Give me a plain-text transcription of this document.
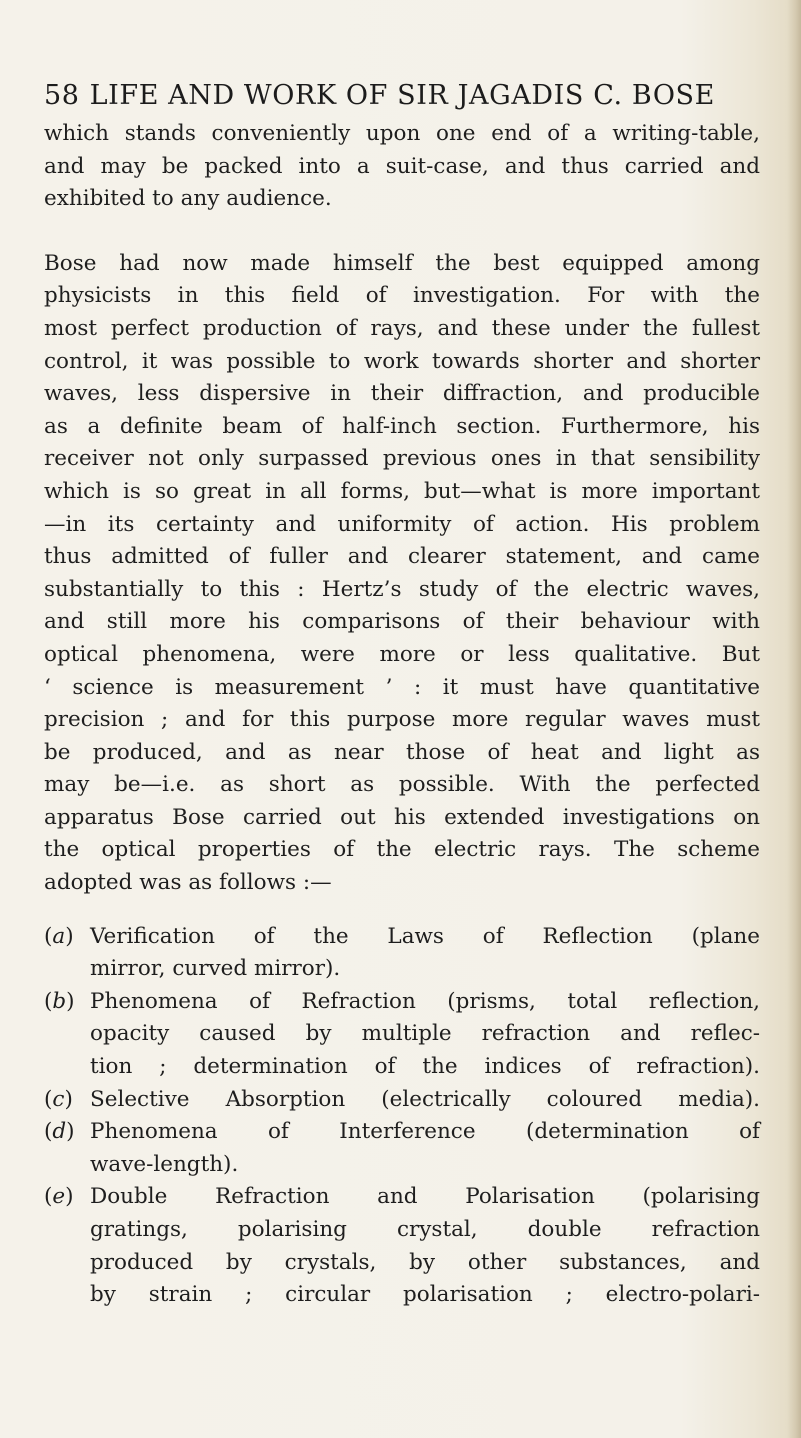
58 LIFE AND WORK OF SIR JAGADIS C. BOSE
which stands conveniently upon one end of a writing-table,
and may be packed into a suit-case, and thus carried and
exhibited to any audience.
Bose had now made himself the best equipped among
physicists in this field of investigation. For with the
most perfect production of rays, and these under the fullest
control, it was possible to work towards shorter and shorter
waves, less dispersive in their diffraction, and producible
as a definite beam of half-inch section. Furthermore, his
receiver not only surpassed previous ones in that sensibility
which is so great in all forms, but—what is more important
—in its certainty and uniformity of action. His problem
thus admitted of fuller and clearer statement, and came
substantially to this : Hertz’s study of the electric waves,
and still more his comparisons of their behaviour with
optical phenomena, were more or less qualitative. But
‘ science is measurement ’ : it must have quantitative
precision ; and for this purpose more regular waves must
be produced, and as near those of heat and light as
may be—i.e. as short as possible. With the perfected
apparatus Bose carried out his extended investigations on
the optical properties of the electric rays. The scheme
adopted was as follows :—
(a) Verification of the Laws of Reflection (plane
mirror, curved mirror).
(b) Phenomena of Refraction (prisms, total reflection,
opacity caused by multiple refraction and reflec-
tion ; determination of the indices of refraction).
(c) Selective Absorption (electrically coloured media).
(d) Phenomena of Interference (determination of
wave-length).
(e) Double Refraction and Polarisation (polarising
gratings, polarising crystal, double refraction
produced by crystals, by other substances, and
by strain ; circular polarisation ; electro-polari-
